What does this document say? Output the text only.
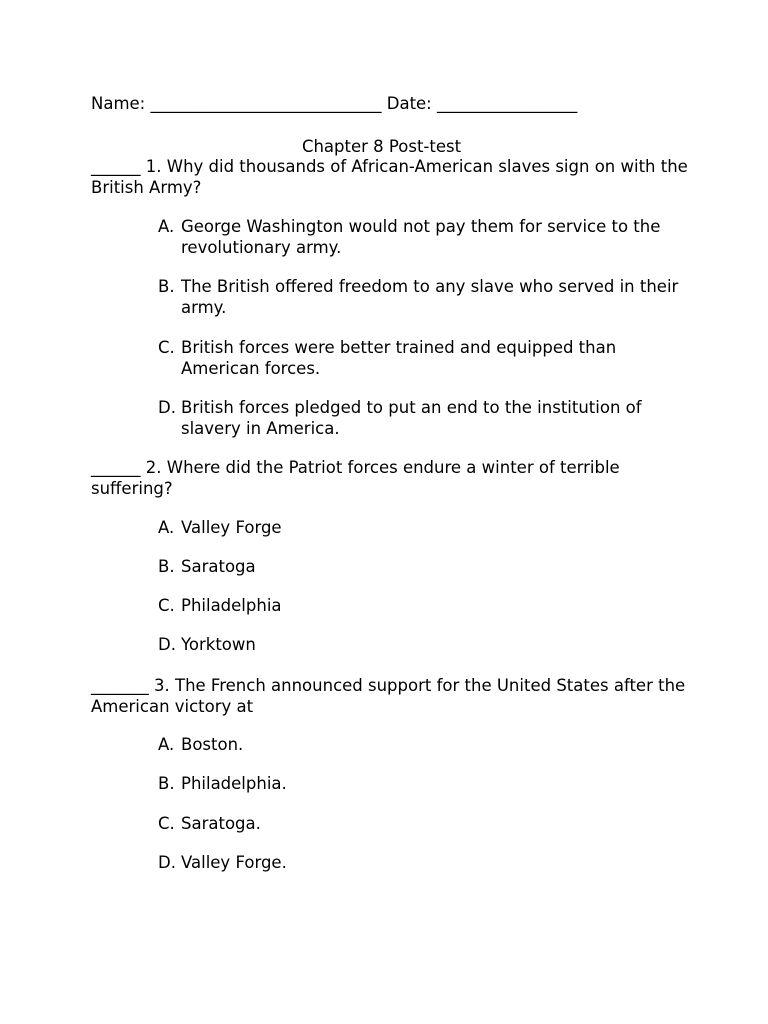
Name: ____________________________ Date: _________________
Chapter 8 Post-test
______ 1. Why did thousands of African-American slaves sign on with the British Army?
A. George Washington would not pay them for service to the revolutionary army.
B. The British offered freedom to any slave who served in their army.
C. British forces were better trained and equipped than American forces.
D. British forces pledged to put an end to the institution of slavery in America.
______ 2. Where did the Patriot forces endure a winter of terrible suffering?
A. Valley Forge
B. Saratoga
C. Philadelphia
D. Yorktown
_______ 3. The French announced support for the United States after the American victory at
A. Boston.
B. Philadelphia.
C. Saratoga.
D. Valley Forge.
